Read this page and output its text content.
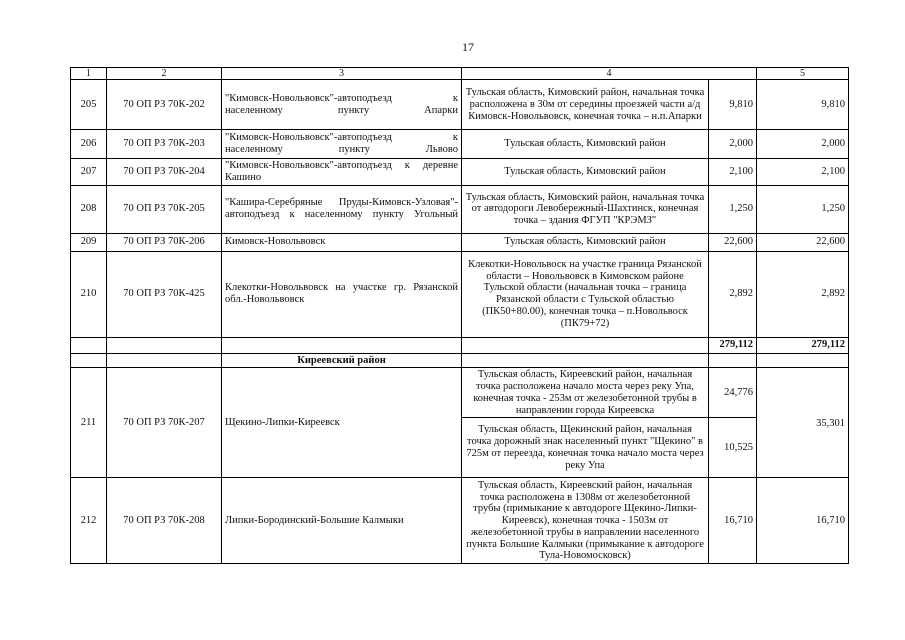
17
1	2	3	4		5
205	70 ОП РЗ 70К-202	"Кимовск-Новольвовск"-автоподъезд к населенному пункту Апарки	Тульская область, Кимовский район, начальная точка расположена в 30м от середины проезжей части а/д Кимовск-Новольвовск, конечная точка – н.п.Апарки	9,810	9,810
206	70 ОП РЗ 70К-203	"Кимовск-Новольвовск"-автоподъезд к населенному пункту Львово	Тульская область, Кимовский район	2,000	2,000
207	70 ОП РЗ 70К-204	"Кимовск-Новольвовск"-автоподъезд к деревне Кашино	Тульская область, Кимовский район	2,100	2,100
208	70 ОП РЗ 70К-205	"Кашира-Серебряные Пруды-Кимовск-Узловая"-автоподъезд к населенному пункту Угольный	Тульская область, Кимовский район, начальная точка от автодороги Левобережный-Шахтинск, конечная точка – здания ФГУП "КРЭМЗ"	1,250	1,250
209	70 ОП РЗ 70К-206	Кимовск-Новольвовск	Тульская область, Кимовский район	22,600	22,600
210	70 ОП РЗ 70К-425	Клекотки-Новольвовск на участке гр. Рязанской обл.-Новольвовск	Клекотки-Новольвоск на участке граница Рязанской области – Новольвовск в Кимовском районе Тульской области (начальная точка – граница Рязанской области с Тульской областью (ПК50+80.00), конечная точка – п.Новольвоск (ПК79+72)	2,892	2,892
				279,112	279,112
		Киреевский район			
211	70 ОП РЗ 70К-207	Щекино-Липки-Киреевск	Тульская область, Киреевский район, начальная точка расположена начало моста через реку Упа, конечная точка - 253м от железобетонной трубы в направлении города Киреевска	24,776	35,301
			Тульская область, Щекинский район, начальная точка дорожный знак населенный пункт "Щекино" в 725м от переезда, конечная точка начало моста через реку Упа	10,525	
212	70 ОП РЗ 70К-208	Липки-Бородинский-Большие Калмыки	Тульская область, Киреевский район, начальная точка расположена в 1308м от железобетонной трубы (примыкание к автодороге Щекино-Липки-Киреевск), конечная точка - 1503м от железобетонной трубы в направлении населенного пункта Большие Калмыки (примыкание к автодороге Тула-Новомосковск)	16,710	16,710
